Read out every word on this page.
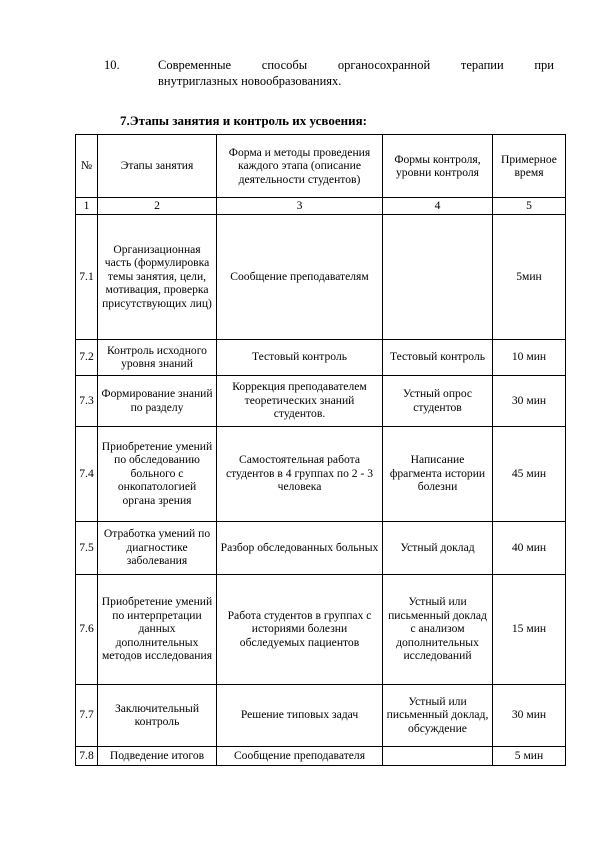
10.	Современные способы органосохранной терапии при
внутриглазных новообразованиях.
7.Этапы занятия и контроль их усвоения:
№	Этапы занятия	Форма и методы проведения каждого этапа (описание деятельности студентов)	Формы контроля, уровни контроля	Примерное время
1	2	3	4	5
7.1	Организационная часть (формулировка темы занятия, цели, мотивация, проверка присутствующих лиц)	Сообщение преподавателям		5мин
7.2	Контроль исходного уровня знаний	Тестовый контроль	Тестовый контроль	10 мин
7.3	Формирование знаний по разделу	Коррекция преподавателем теоретических знаний студентов.	Устный опрос студентов	30 мин
7.4	Приобретение умений по обследованию больного с онкопатологией органа зрения	Самостоятельная работа студентов в 4 группах по 2 - 3 человека	Написание фрагмента истории болезни	45 мин
7.5	Отработка умений по диагностике заболевания	Разбор обследованных больных	Устный доклад	40 мин
7.6	Приобретение умений по интерпретации данных дополнительных методов исследования	Работа студентов в группах с историями болезни обследуемых пациентов	Устный или письменный доклад с анализом дополнительных исследований	15 мин
7.7	Заключительный контроль	Решение типовых задач	Устный или письменный доклад, обсуждение	30 мин
7.8	Подведение итогов	Сообщение преподавателя		5 мин
